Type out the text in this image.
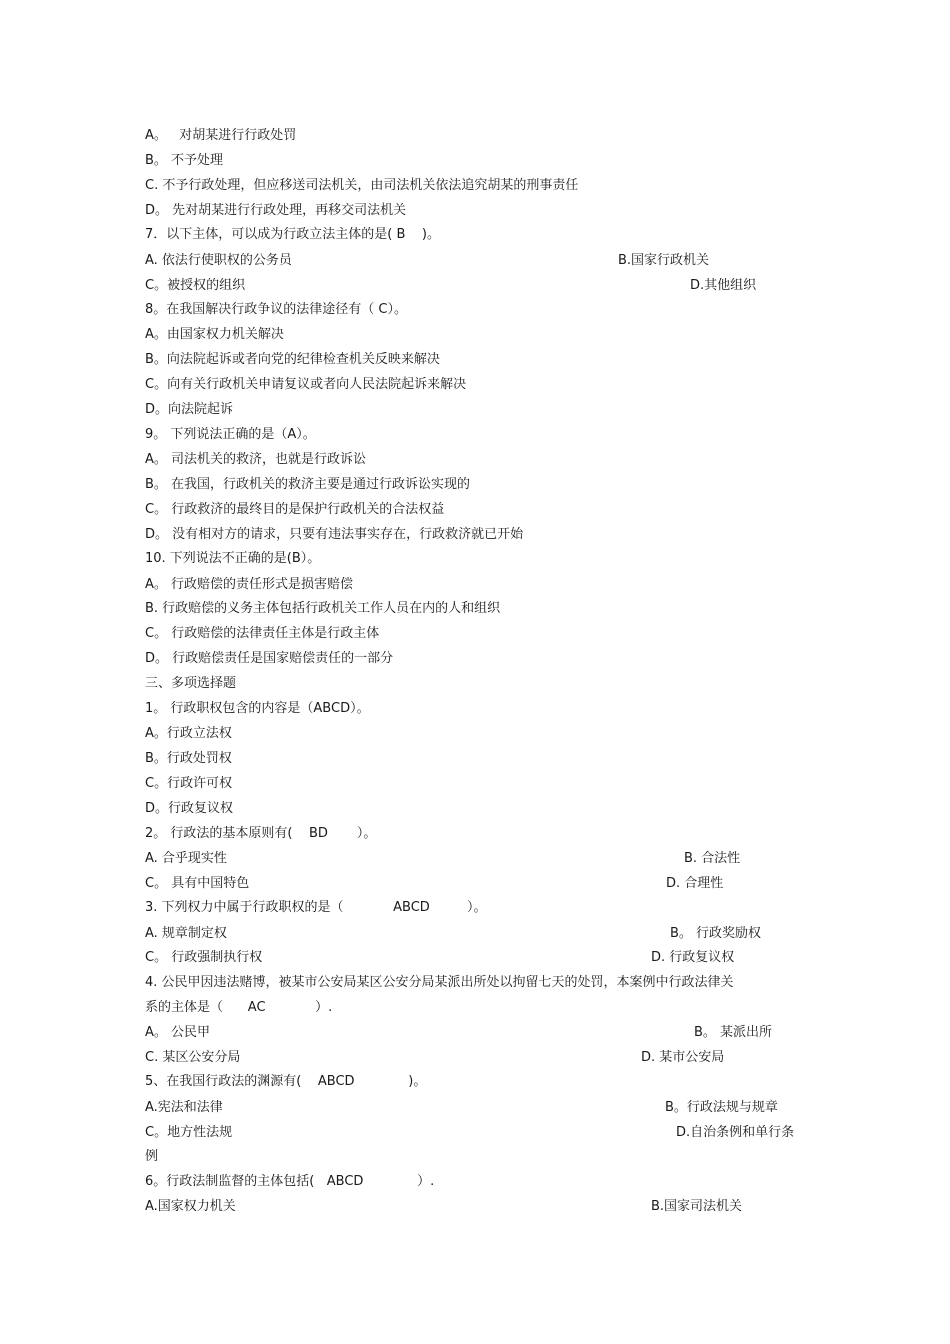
A。   对胡某进行行政处罚
B。 不予处理
C. 不予行政处理，但应移送司法机关，由司法机关依法追究胡某的刑事责任
D。 先对胡某进行行政处理，再移交司法机关
7．以下主体，可以成为行政立法主体的是( B    )。
A. 依法行使职权的公务员	B.国家行政机关
C。被授权的组织	D.其他组织
8。在我国解决行政争议的法律途径有（ C）。
A。由国家权力机关解决
B。向法院起诉或者向党的纪律检查机关反映来解决
C。向有关行政机关申请复议或者向人民法院起诉来解决
D。向法院起诉
9。 下列说法正确的是（A）。
A。 司法机关的救济，也就是行政诉讼
B。 在我国，行政机关的救济主要是通过行政诉讼实现的
C。 行政救济的最终目的是保护行政机关的合法权益
D。 没有相对方的请求，只要有违法事实存在，行政救济就已开始
10. 下列说法不正确的是(B）。
A。 行政赔偿的责任形式是损害赔偿
B. 行政赔偿的义务主体包括行政机关工作人员在内的人和组织
C。 行政赔偿的法律责任主体是行政主体
D。 行政赔偿责任是国家赔偿责任的一部分
三、多项选择题
1。 行政职权包含的内容是（ABCD）。
A。行政立法权
B。行政处罚权
C。行政许可权
D。行政复议权
2。 行政法的基本原则有(    BD       ）。
A. 合乎现实性	B. 合法性
C。 具有中国特色	D. 合理性
3. 下列权力中属于行政职权的是（            ABCD         ）。
A. 规章制定权	B。 行政奖励权
C。 行政强制执行权	D. 行政复议权
4. 公民甲因违法赌博，被某市公安局某区公安分局某派出所处以拘留七天的处罚，本案例中行政法律关
系的主体是（      AC            ）.
A。 公民甲	B。 某派出所
C. 某区公安分局	D. 某市公安局
5、在我国行政法的渊源有(    ABCD             )。
A.宪法和法律	B。行政法规与规章
C。地方性法规	D.自治条例和单行条
例
6。行政法制监督的主体包括(   ABCD             ）.
A.国家权力机关	B.国家司法机关
